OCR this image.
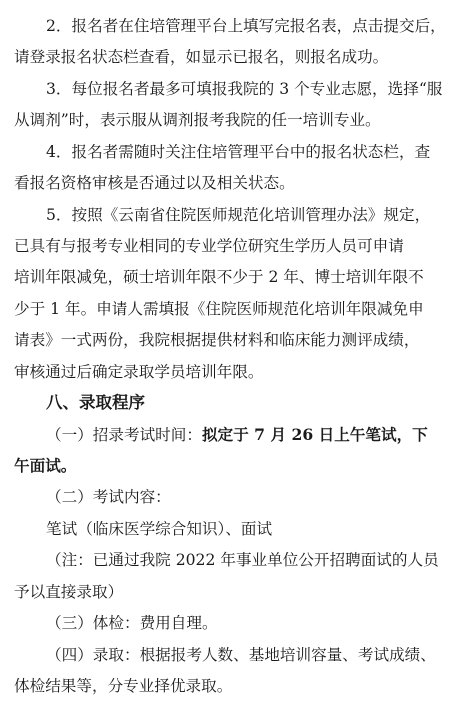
2．报名者在住培管理平台上填写完报名表，点击提交后，
请登录报名状态栏查看，如显示已报名，则报名成功。
3．每位报名者最多可填报我院的 3 个专业志愿，选择“服
从调剂”时，表示服从调剂报考我院的任一培训专业。
4．报名者需随时关注住培管理平台中的报名状态栏，查
看报名资格审核是否通过以及相关状态。
5．按照《云南省住院医师规范化培训管理办法》规定，
已具有与报考专业相同的专业学位研究生学历人员可申请
培训年限减免，硕士培训年限不少于 2 年、博士培训年限不
少于 1 年。申请人需填报《住院医师规范化培训年限减免申
请表》一式两份，我院根据提供材料和临床能力测评成绩，
审核通过后确定录取学员培训年限。
八、录取程序
（一）招录考试时间：拟定于 7 月 26 日上午笔试，下
午面试。
（二）考试内容：
笔试（临床医学综合知识）、面试
（注：已通过我院 2022 年事业单位公开招聘面试的人员
予以直接录取）
（三）体检：费用自理。
（四）录取：根据报考人数、基地培训容量、考试成绩、
体检结果等，分专业择优录取。
